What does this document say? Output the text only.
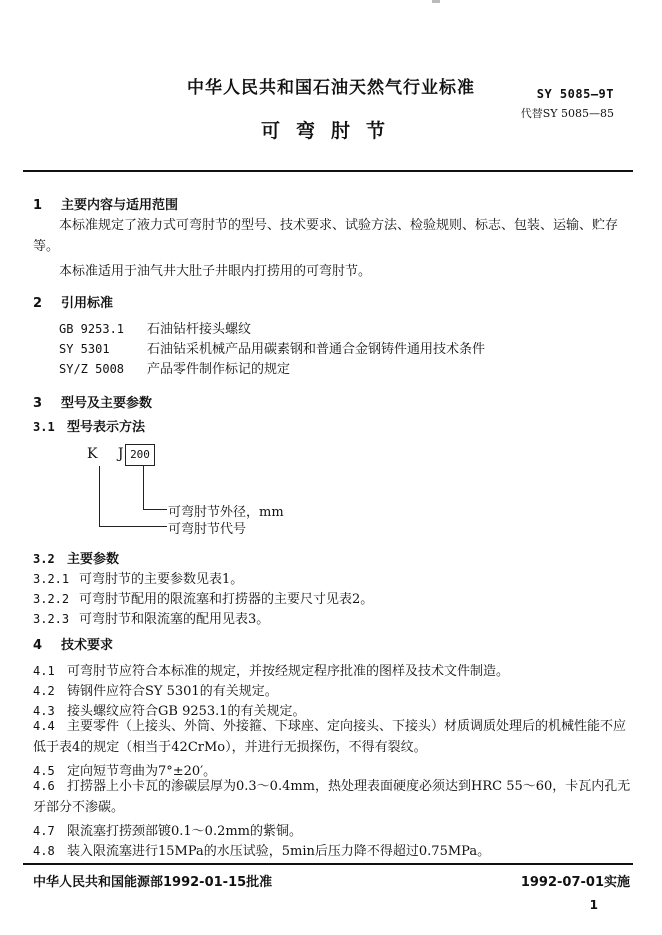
中华人民共和国石油天然气行业标准	SY 5085—9T
代替SY 5085—85
可弯肘节
1 主要内容与适用范围
本标准规定了液力式可弯肘节的型号、技术要求、试验方法、检验规则、标志、包装、运输、贮存等。
本标准适用于油气井大肚子井眼内打捞用的可弯肘节。
2 引用标准
GB 9253.1 石油钻杆接头螺纹
SY 5301	石油钻采机械产品用碳素钢和普通合金钢铸件通用技术条件
SY/Z 5008 产品零件制作标记的规定
3 型号及主要参数
3.1 型号表示方法
K J
200
可弯肘节外径，mm
可弯肘节代号
3.2 主要参数
3.2.1 可弯肘节的主要参数见表1。
3.2.2 可弯肘节配用的限流塞和打捞器的主要尺寸见表2。
3.2.3 可弯肘节和限流塞的配用见表3。
4 技术要求
4.1 可弯肘节应符合本标准的规定，并按经规定程序批准的图样及技术文件制造。
4.2 铸钢件应符合SY 5301的有关规定。
4.3 接头螺纹应符合GB 9253.1的有关规定。
4.4 主要零件（上接头、外筒、外接箍、下球座、定向接头、下接头）材质调质处理后的机械性能不应低于表4的规定（相当于42CrMo），并进行无损探伤，不得有裂纹。
4.5 定向短节弯曲为7°±20′。
4.6 打捞器上小卡瓦的渗碳层厚为0.3～0.4mm，热处理表面硬度必须达到HRC 55～60，卡瓦内孔无牙部分不渗碳。
4.7 限流塞打捞颈部镀0.1～0.2mm的紫铜。
4.8 装入限流塞进行15MPa的水压试验，5min后压力降不得超过0.75MPa。
中华人民共和国能源部1992-01-15批准	1992-07-01实施
1
